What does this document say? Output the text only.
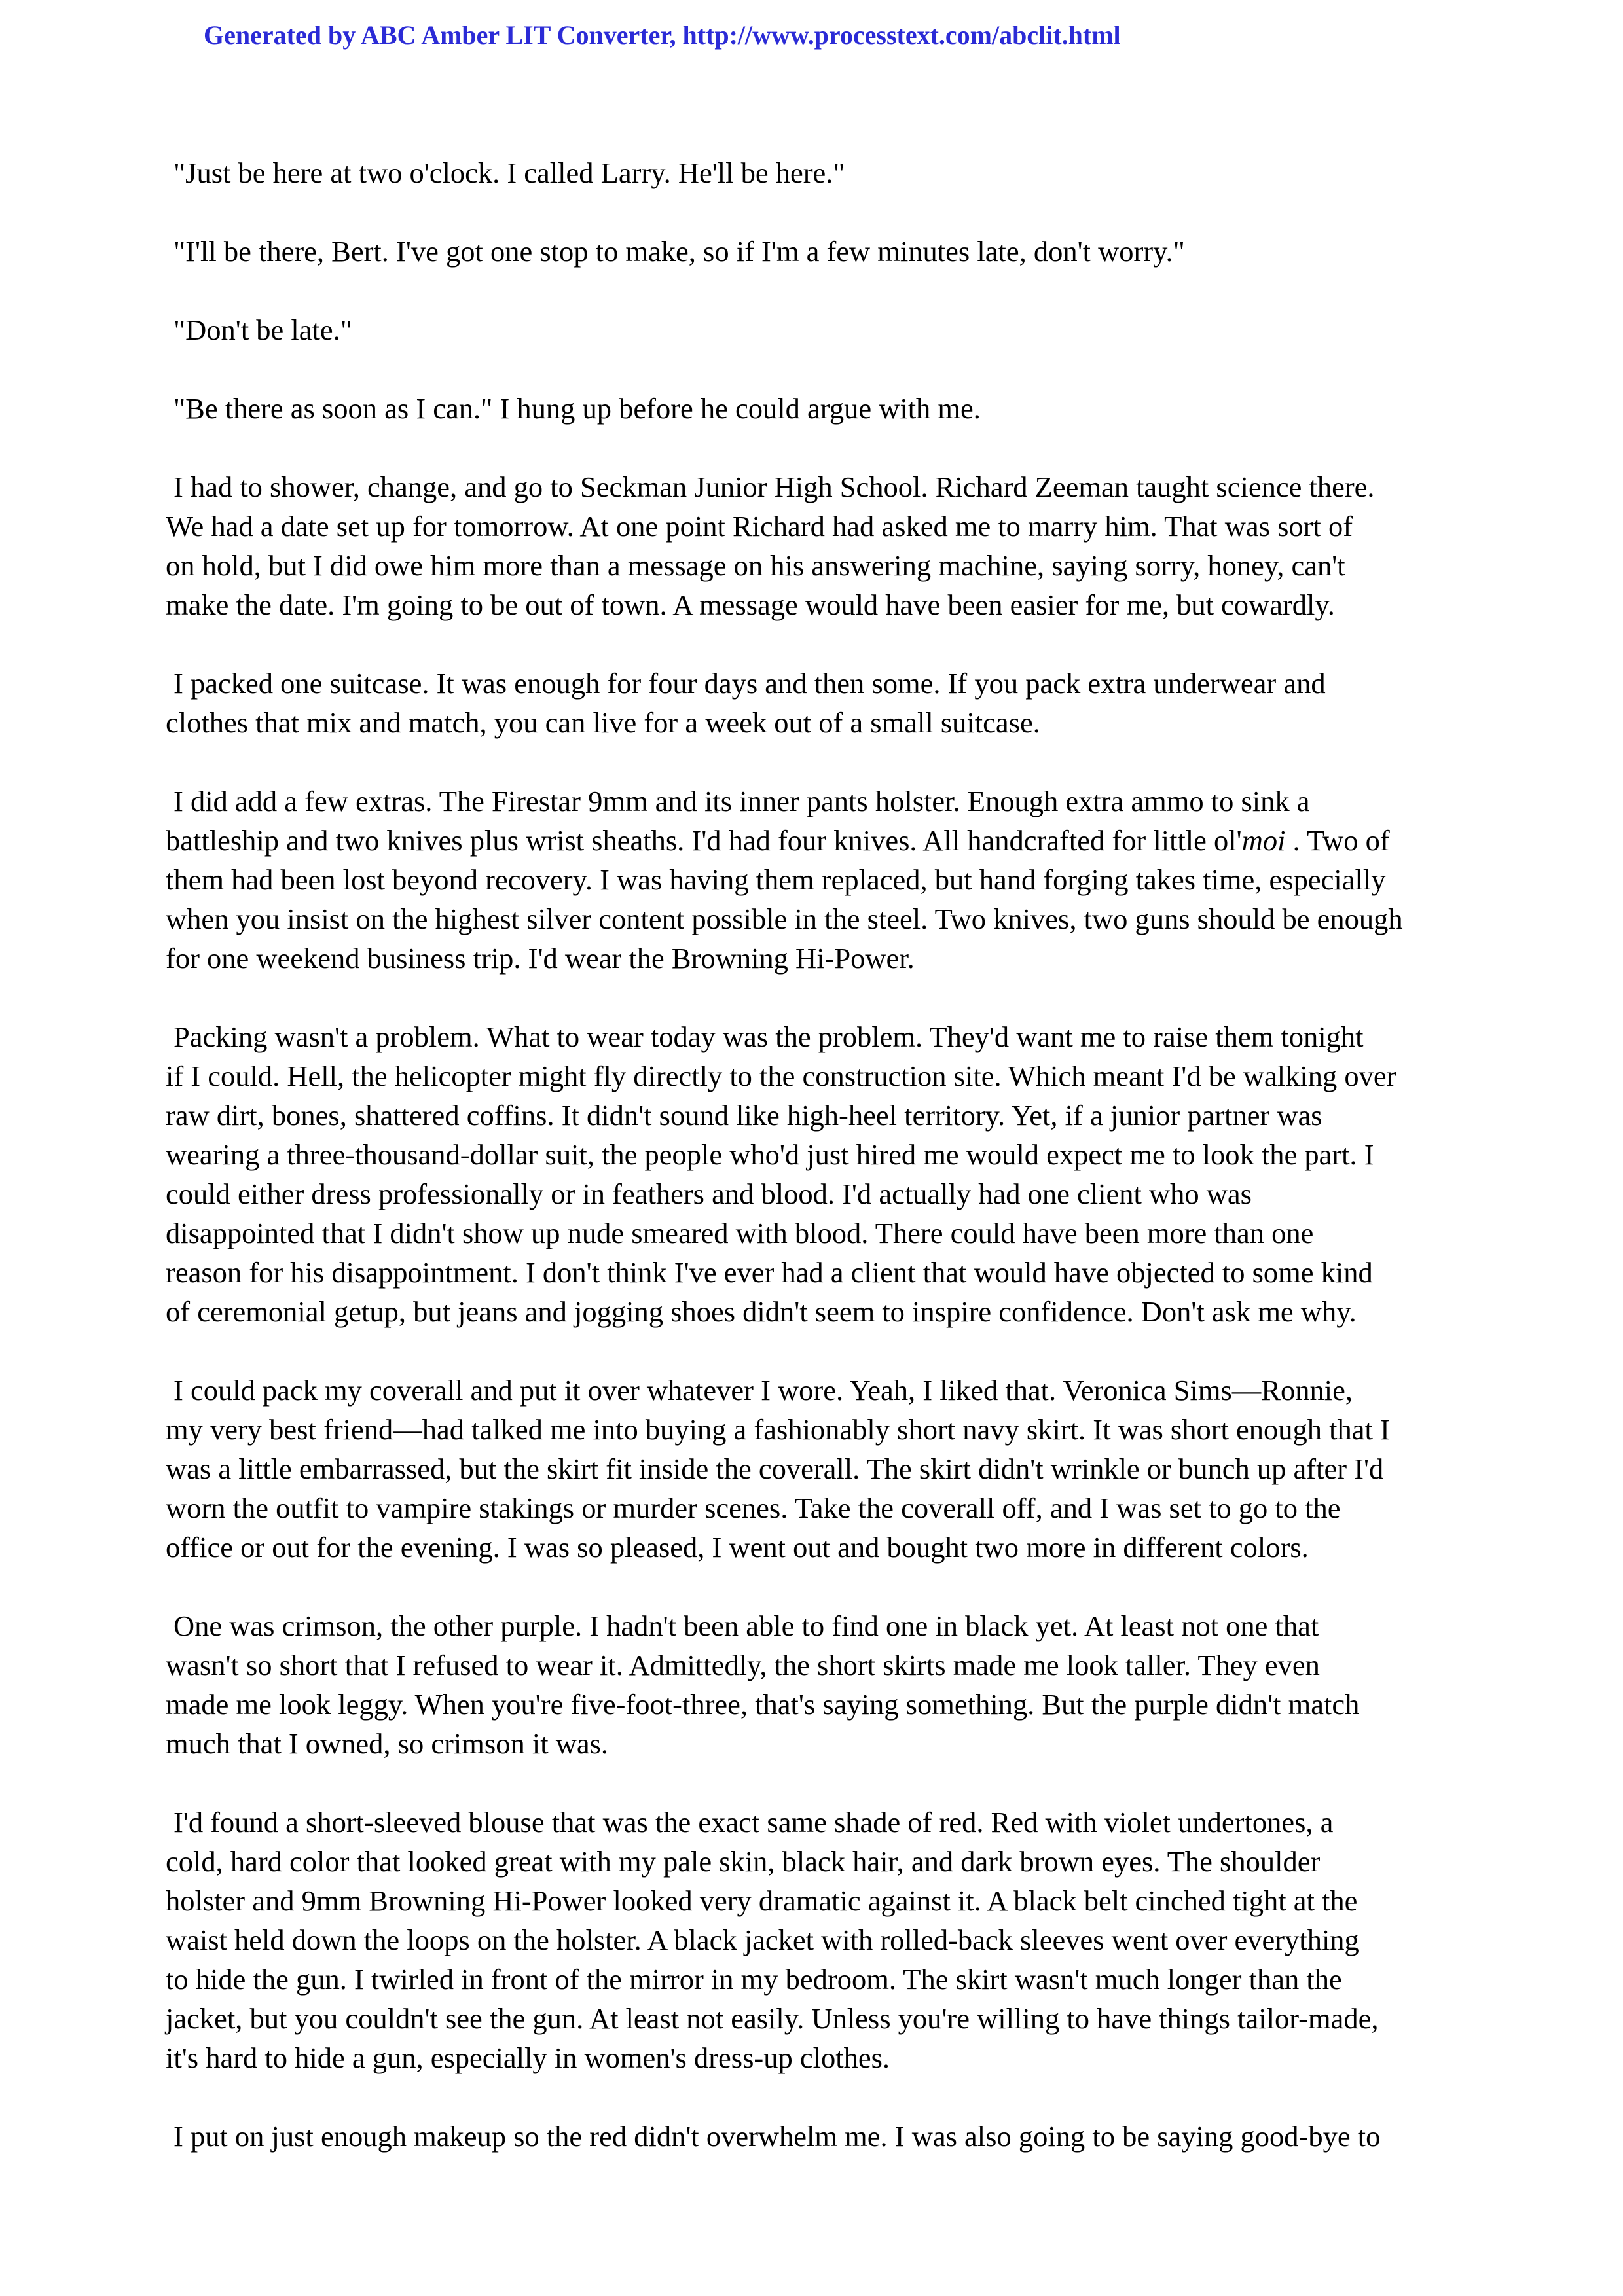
Generated by ABC Amber LIT Converter, http://www.processtext.com/abclit.html

"Just be here at two o'clock. I called Larry. He'll be here."

"I'll be there, Bert. I've got one stop to make, so if I'm a few minutes late, don't worry."

"Don't be late."

"Be there as soon as I can." I hung up before he could argue with me.

I had to shower, change, and go to Seckman Junior High School. Richard Zeeman taught science there.
We had a date set up for tomorrow. At one point Richard had asked me to marry him. That was sort of
on hold, but I did owe him more than a message on his answering machine, saying sorry, honey, can't
make the date. I'm going to be out of town. A message would have been easier for me, but cowardly.

I packed one suitcase. It was enough for four days and then some. If you pack extra underwear and
clothes that mix and match, you can live for a week out of a small suitcase.

I did add a few extras. The Firestar 9mm and its inner pants holster. Enough extra ammo to sink a
battleship and two knives plus wrist sheaths. I'd had four knives. All handcrafted for little ol'moi . Two of
them had been lost beyond recovery. I was having them replaced, but hand forging takes time, especially
when you insist on the highest silver content possible in the steel. Two knives, two guns should be enough
for one weekend business trip. I'd wear the Browning Hi-Power.

Packing wasn't a problem. What to wear today was the problem. They'd want me to raise them tonight
if I could. Hell, the helicopter might fly directly to the construction site. Which meant I'd be walking over
raw dirt, bones, shattered coffins. It didn't sound like high-heel territory. Yet, if a junior partner was
wearing a three-thousand-dollar suit, the people who'd just hired me would expect me to look the part. I
could either dress professionally or in feathers and blood. I'd actually had one client who was
disappointed that I didn't show up nude smeared with blood. There could have been more than one
reason for his disappointment. I don't think I've ever had a client that would have objected to some kind
of ceremonial getup, but jeans and jogging shoes didn't seem to inspire confidence. Don't ask me why.

I could pack my coverall and put it over whatever I wore. Yeah, I liked that. Veronica Sims—Ronnie,
my very best friend—had talked me into buying a fashionably short navy skirt. It was short enough that I
was a little embarrassed, but the skirt fit inside the coverall. The skirt didn't wrinkle or bunch up after I'd
worn the outfit to vampire stakings or murder scenes. Take the coverall off, and I was set to go to the
office or out for the evening. I was so pleased, I went out and bought two more in different colors.

One was crimson, the other purple. I hadn't been able to find one in black yet. At least not one that
wasn't so short that I refused to wear it. Admittedly, the short skirts made me look taller. They even
made me look leggy. When you're five-foot-three, that's saying something. But the purple didn't match
much that I owned, so crimson it was.

I'd found a short-sleeved blouse that was the exact same shade of red. Red with violet undertones, a
cold, hard color that looked great with my pale skin, black hair, and dark brown eyes. The shoulder
holster and 9mm Browning Hi-Power looked very dramatic against it. A black belt cinched tight at the
waist held down the loops on the holster. A black jacket with rolled-back sleeves went over everything
to hide the gun. I twirled in front of the mirror in my bedroom. The skirt wasn't much longer than the
jacket, but you couldn't see the gun. At least not easily. Unless you're willing to have things tailor-made,
it's hard to hide a gun, especially in women's dress-up clothes.

I put on just enough makeup so the red didn't overwhelm me. I was also going to be saying good-bye to
